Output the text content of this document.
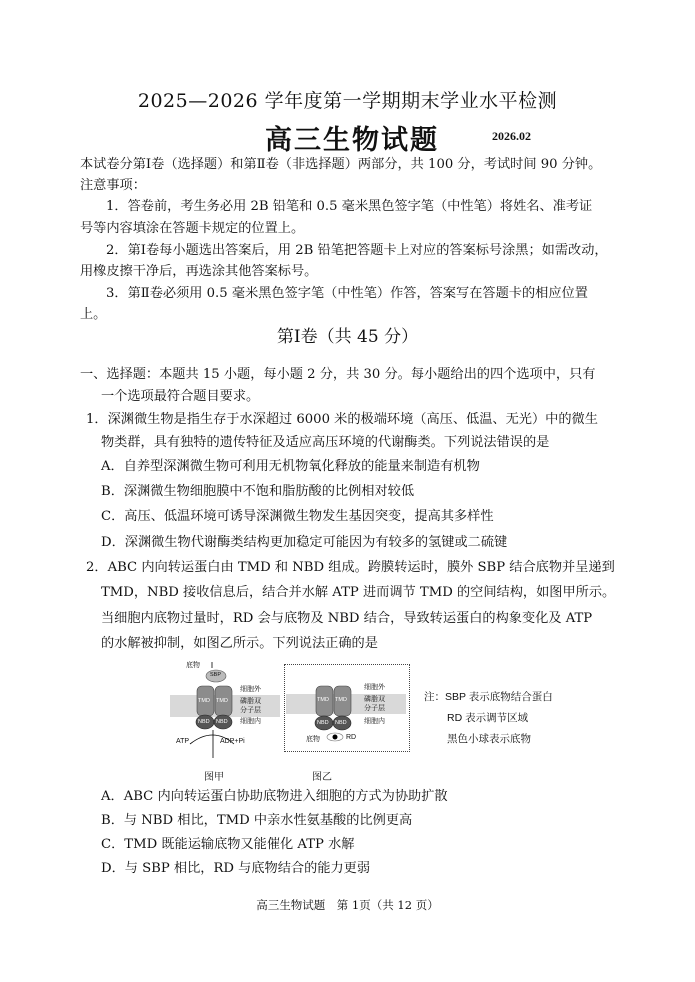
2025—2026 学年度第一学期期末学业水平检测
高三生物试题	2026.02
本试卷分第Ⅰ卷（选择题）和第Ⅱ卷（非选择题）两部分，共 100 分，考试时间 90 分钟。
注意事项：
1．答卷前，考生务必用 2B 铅笔和 0.5 毫米黑色签字笔（中性笔）将姓名、准考证
号等内容填涂在答题卡规定的位置上。
2．第Ⅰ卷每小题选出答案后，用 2B 铅笔把答题卡上对应的答案标号涂黑；如需改动，
用橡皮擦干净后，再选涂其他答案标号。
3．第Ⅱ卷必须用 0.5 毫米黑色签字笔（中性笔）作答，答案写在答题卡的相应位置
上。
第Ⅰ卷（共 45 分）
一、选择题：本题共 15 小题，每小题 2 分，共 30 分。每小题给出的四个选项中，只有
一个选项最符合题目要求。
1．深渊微生物是指生存于水深超过 6000 米的极端环境（高压、低温、无光）中的微生
物类群，具有独特的遗传特征及适应高压环境的代谢酶类。下列说法错误的是
A．自养型深渊微生物可利用无机物氧化释放的能量来制造有机物
B．深渊微生物细胞膜中不饱和脂肪酸的比例相对较低
C．高压、低温环境可诱导深渊微生物发生基因突变，提高其多样性
D．深渊微生物代谢酶类结构更加稳定可能因为有较多的氢键或二硫键
2．ABC 内向转运蛋白由 TMD 和 NBD 组成。跨膜转运时，膜外 SBP 结合底物并呈递到
TMD，NBD 接收信息后，结合并水解 ATP 进而调节 TMD 的空间结构，如图甲所示。
当细胞内底物过量时，RD 会与底物及 NBD 结合，导致转运蛋白的构象变化及 ATP
的水解被抑制，如图乙所示。下列说法正确的是
底物
SBP
TMD TMD
NBD NBD
细胞外
磷脂双
分子层
细胞内
ATP	ADP+Pi
图甲
TMD TMD
NBD NBD
细胞外
磷脂双
分子层
细胞内
底物	RD
图乙
注：SBP 表示底物结合蛋白
RD 表示调节区域
黑色小球表示底物
A．ABC 内向转运蛋白协助底物进入细胞的方式为协助扩散
B．与 NBD 相比，TMD 中亲水性氨基酸的比例更高
C．TMD 既能运输底物又能催化 ATP 水解
D．与 SBP 相比，RD 与底物结合的能力更弱
高三生物试题　第 1页（共 12 页）
